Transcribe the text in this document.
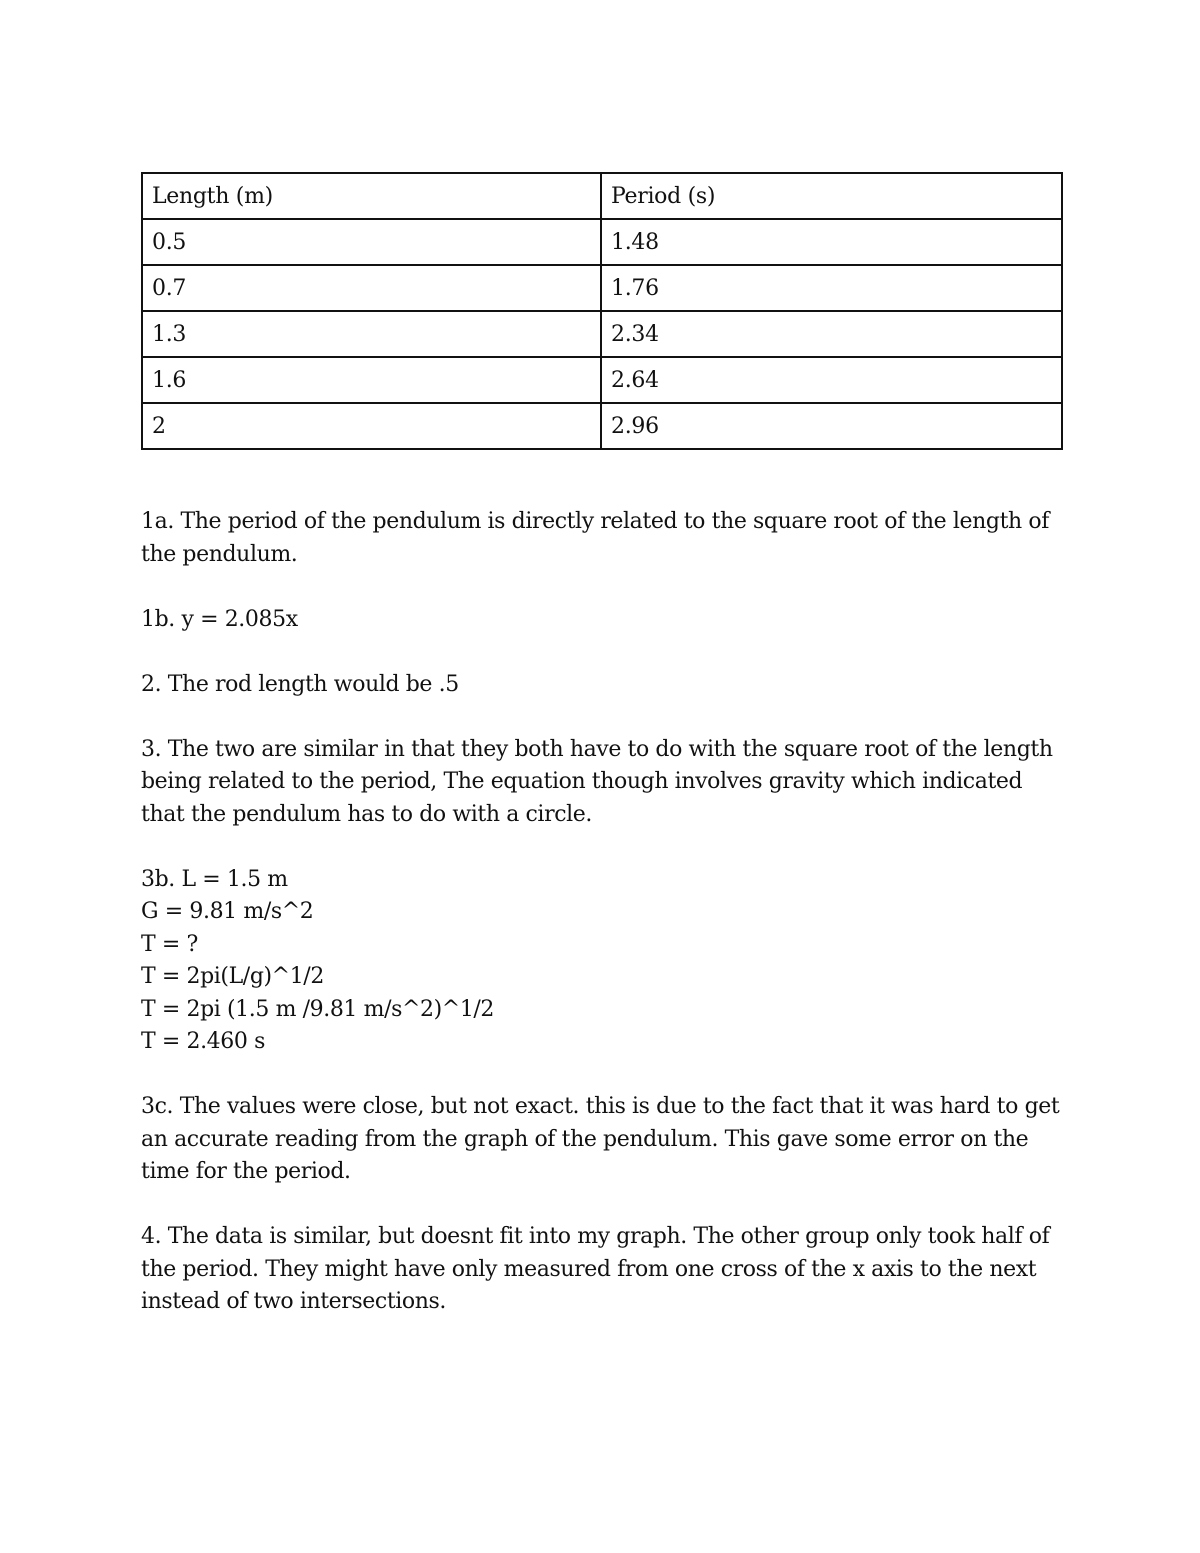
Length (m)	Period (s)
0.5	1.48
0.7	1.76
1.3	2.34
1.6	2.64
2	2.96

1a. The period of the pendulum is directly related to the square root of the length of the pendulum.

1b. y = 2.085x

2. The rod length would be .5

3. The two are similar in that they both have to do with the square root of the length being related to the period, The equation though involves gravity which indicated that the pendulum has to do with a circle.

3b. L = 1.5 m
G = 9.81 m/s^2
T = ?
T = 2pi(L/g)^1/2
T = 2pi (1.5 m /9.81 m/s^2)^1/2
T = 2.460 s

3c. The values were close, but not exact. this is due to the fact that it was hard to get an accurate reading from the graph of the pendulum. This gave some error on the time for the period.

4. The data is similar, but doesnt fit into my graph. The other group only took half of the period. They might have only measured from one cross of the x axis to the next instead of two intersections.
